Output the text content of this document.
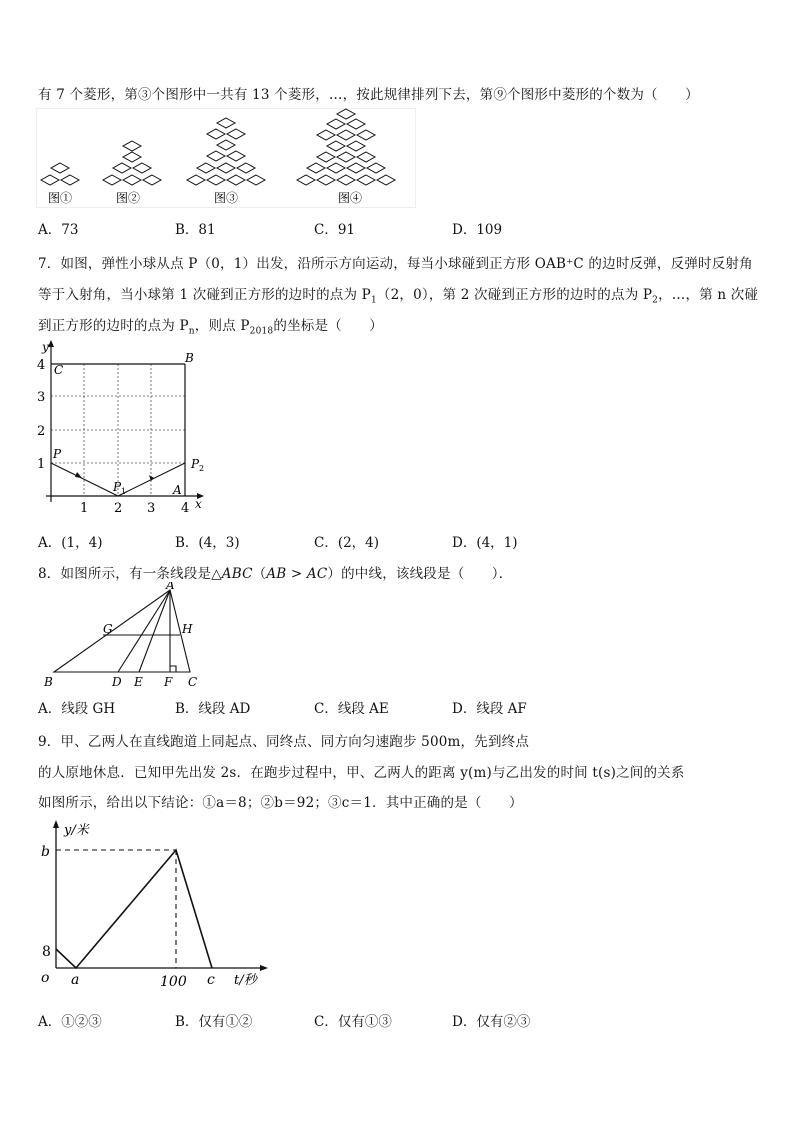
有 7 个菱形，第③个图形中一共有 13 个菱形，…，按此规律排列下去，第⑨个图形中菱形的个数为（　　）
图①	图②	图③	图④
A．73	B．81	C．91	D．109
7．如图，弹性小球从点 P（0，1）出发，沿所示方向运动，每当小球碰到正方形 OAB⁺C 的边时反弹，反弹时反射角
等于入射角，当小球第 1 次碰到正方形的边时的点为 $P_1(2$，0），第 2 次碰到正方形的边时的点为 $P_2$，…，第 n 次碰
到正方形的边时的点为 $P_n$，则点 $P_{2018}$的坐标是（　　）
y
x
1
2
3
4
1 2 3 4
C
B
P
A
P 1
P 2
A．(1，4)	B．(4，3)	C．(2，4)	D．(4，1)
8．如图所示，有一条线段是△ABC（AB > AC）的中线，该线段是（　　）．
A
B	C
D E F
G	H
A．线段 GH	B．线段 AD	C．线段 AE	D．线段 AF
9．甲、乙两人在直线跑道上同起点、同终点、同方向匀速跑步 500m，先到终点
的人原地休息．已知甲先出发 2s．在跑步过程中，甲、乙两人的距离 y(m)与乙出发的时间 t(s)之间的关系
如图所示，给出以下结论：①a＝8；②b＝92；③c＝1．其中正确的是（　　）
y/米
t/秒
b
8
o a	100 c
A．①②③	B．仅有①②	C．仅有①③	D．仅有②③
